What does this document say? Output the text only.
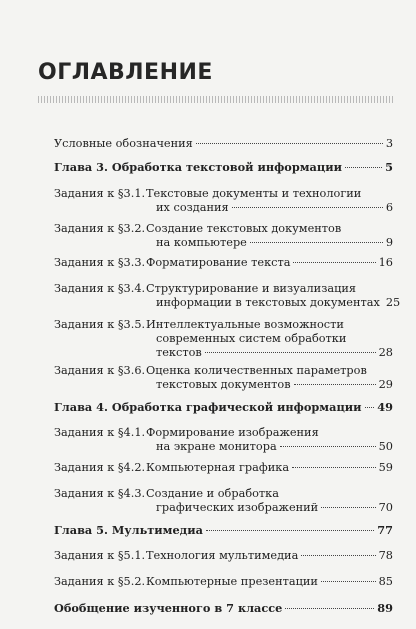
ОГЛАВЛЕНИЕ
Условные обозначения	3
Глава 3. Обработка текстовой информации	5
Задания к §3.1. Текстовые документы и технологии
их создания	6
Задания к §3.2. Создание текстовых документов
на компьютере	9
Задания к §3.3. Форматирование текста	16
Задания к §3.4. Структурирование и визуализация
информации в текстовых документах 25
Задания к §3.5. Интеллектуальные возможности
современных систем обработки
текстов	28
Задания к §3.6. Оценка количественных параметров
текстовых документов	29
Глава 4. Обработка графической информации 49
Задания к §4.1. Формирование изображения
на экране монитора	50
Задания к §4.2. Компьютерная графика	59
Задания к §4.3. Создание и обработка
графических изображений	70
Глава 5. Мультимедиа	77
Задания к §5.1. Технология мультимедиа	78
Задания к §5.2. Компьютерные презентации	85
Обобщение изученного в 7 классе	89
